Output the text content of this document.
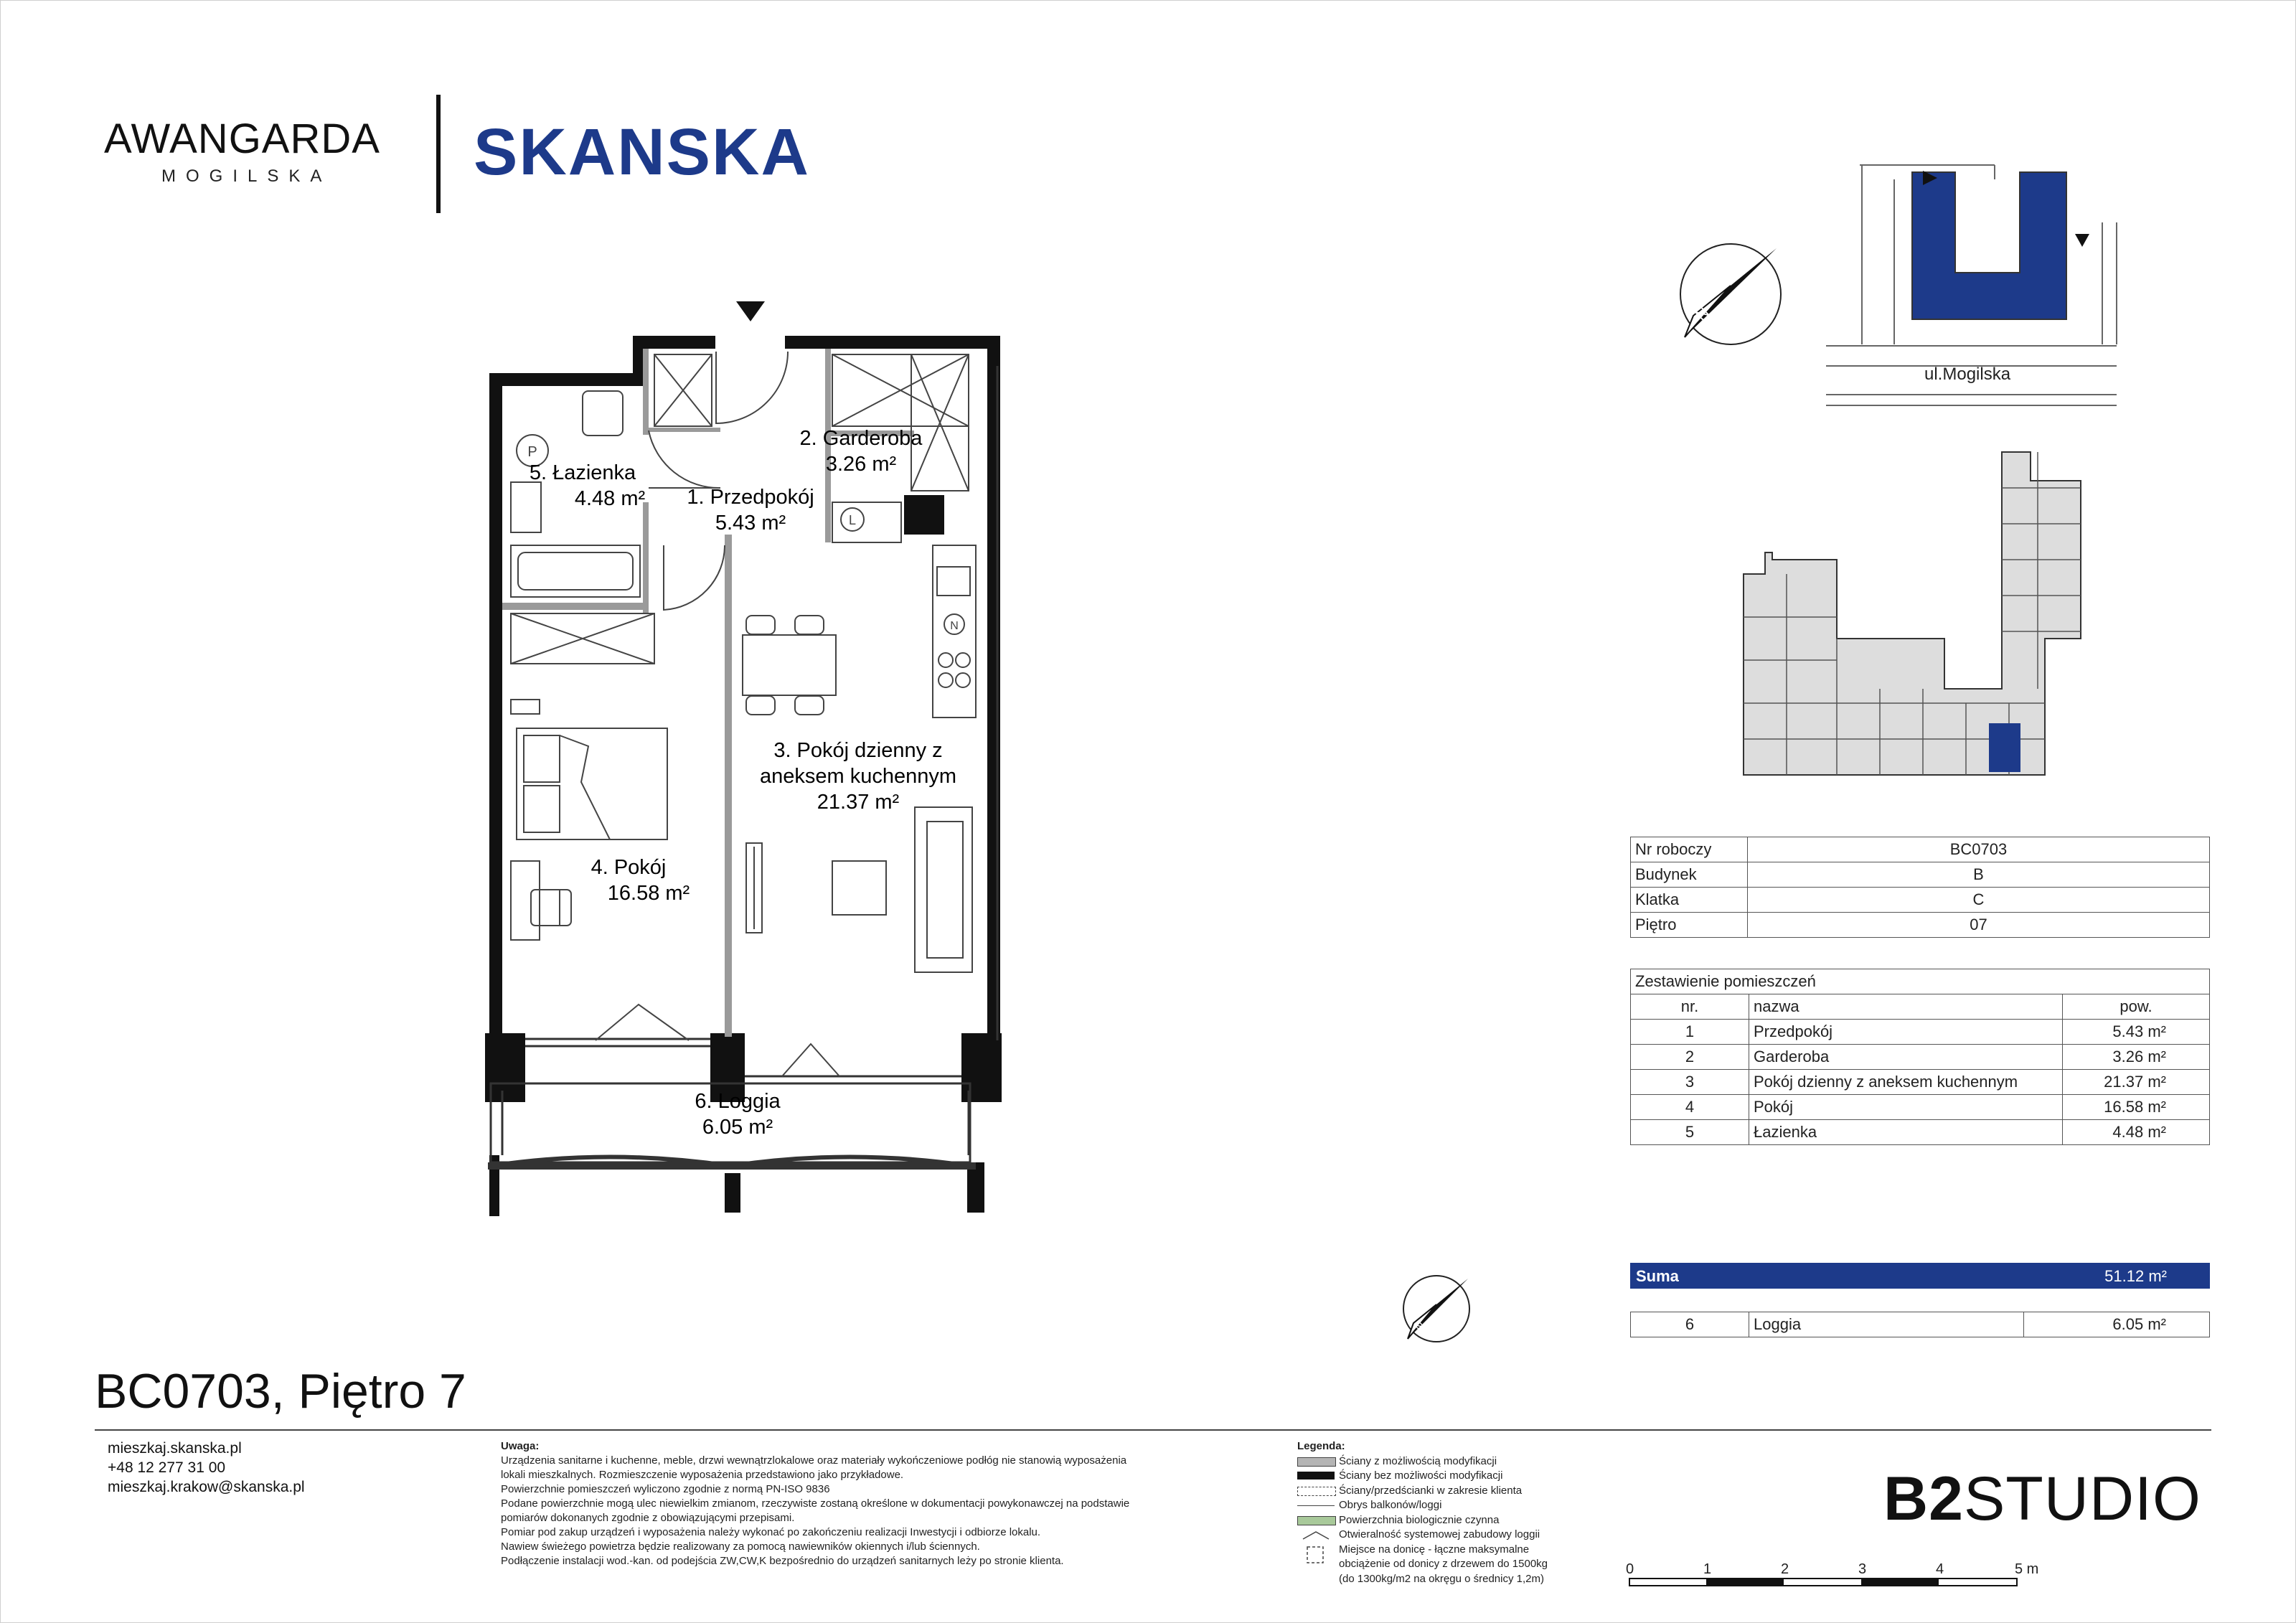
AWANGARDA
MOGILSKA SKANSKA
P
L
N
2. Garderoba
3.26 m²
5. Łazienka
4.48 m² 1. Przedpokój
5.43 m²
3. Pokój dzienny z
aneksem kuchennym
21.37 m²
4. Pokój
16.58 m²
6. Loggia
6.05 m²
N
ul.Mogilska
Nr roboczy	BC0703
Budynek	B
Klatka	C
Piętro	07
Zestawienie pomieszczeń		
nr.	nazwa	pow.
1	Przedpokój	5.43 m²
2	Garderoba	3.26 m²
3	Pokój dzienny z aneksem kuchennym	21.37 m²
4	Pokój	16.58 m²
5	Łazienka	4.48 m²
Suma	51.12 m²
6	Loggia	6.05 m²
N
BC0703, Piętro 7
mieszkaj.skanska.pl
+48 12 277 31 00
mieszkaj.krakow@skanska.pl
Uwaga:
Urządzenia sanitarne i kuchenne, meble, drzwi wewnątrzlokalowe oraz materiały wykończeniowe podłóg nie stanowią wyposażenia
lokali mieszkalnych. Rozmieszczenie wyposażenia przedstawiono jako przykładowe.
Powierzchnie pomieszczeń wyliczono zgodnie z normą PN-ISO 9836
Podane powierzchnie mogą ulec niewielkim zmianom, rzeczywiste zostaną określone w dokumentacji powykonawczej na podstawie
pomiarów dokonanych zgodnie z obowiązującymi przepisami.
Pomiar pod zakup urządzeń i wyposażenia należy wykonać po zakończeniu realizacji Inwestycji i odbiorze lokalu.
Nawiew świeżego powietrza będzie realizowany za pomocą nawiewników okiennych i/lub ściennych.
Podłączenie instalacji wod.-kan. od podejścia ZW,CW,K bezpośrednio do urządzeń sanitarnych leży po stronie klienta.
Legenda:
Ściany z możliwością modyfikacji
Ściany bez możliwości modyfikacji
Ściany/przedścianki w zakresie klienta
Obrys balkonów/loggi
Powierzchnia biologicznie czynna
Otwieralność systemowej zabudowy loggii
Miejsce na donicę - łączne maksymalne
obciążenie od donicy z drzewem do 1500kg
(do 1300kg/m2 na okręgu o średnicy 1,2m)
B2STUDIO
0	1	2	3	4	5 m
